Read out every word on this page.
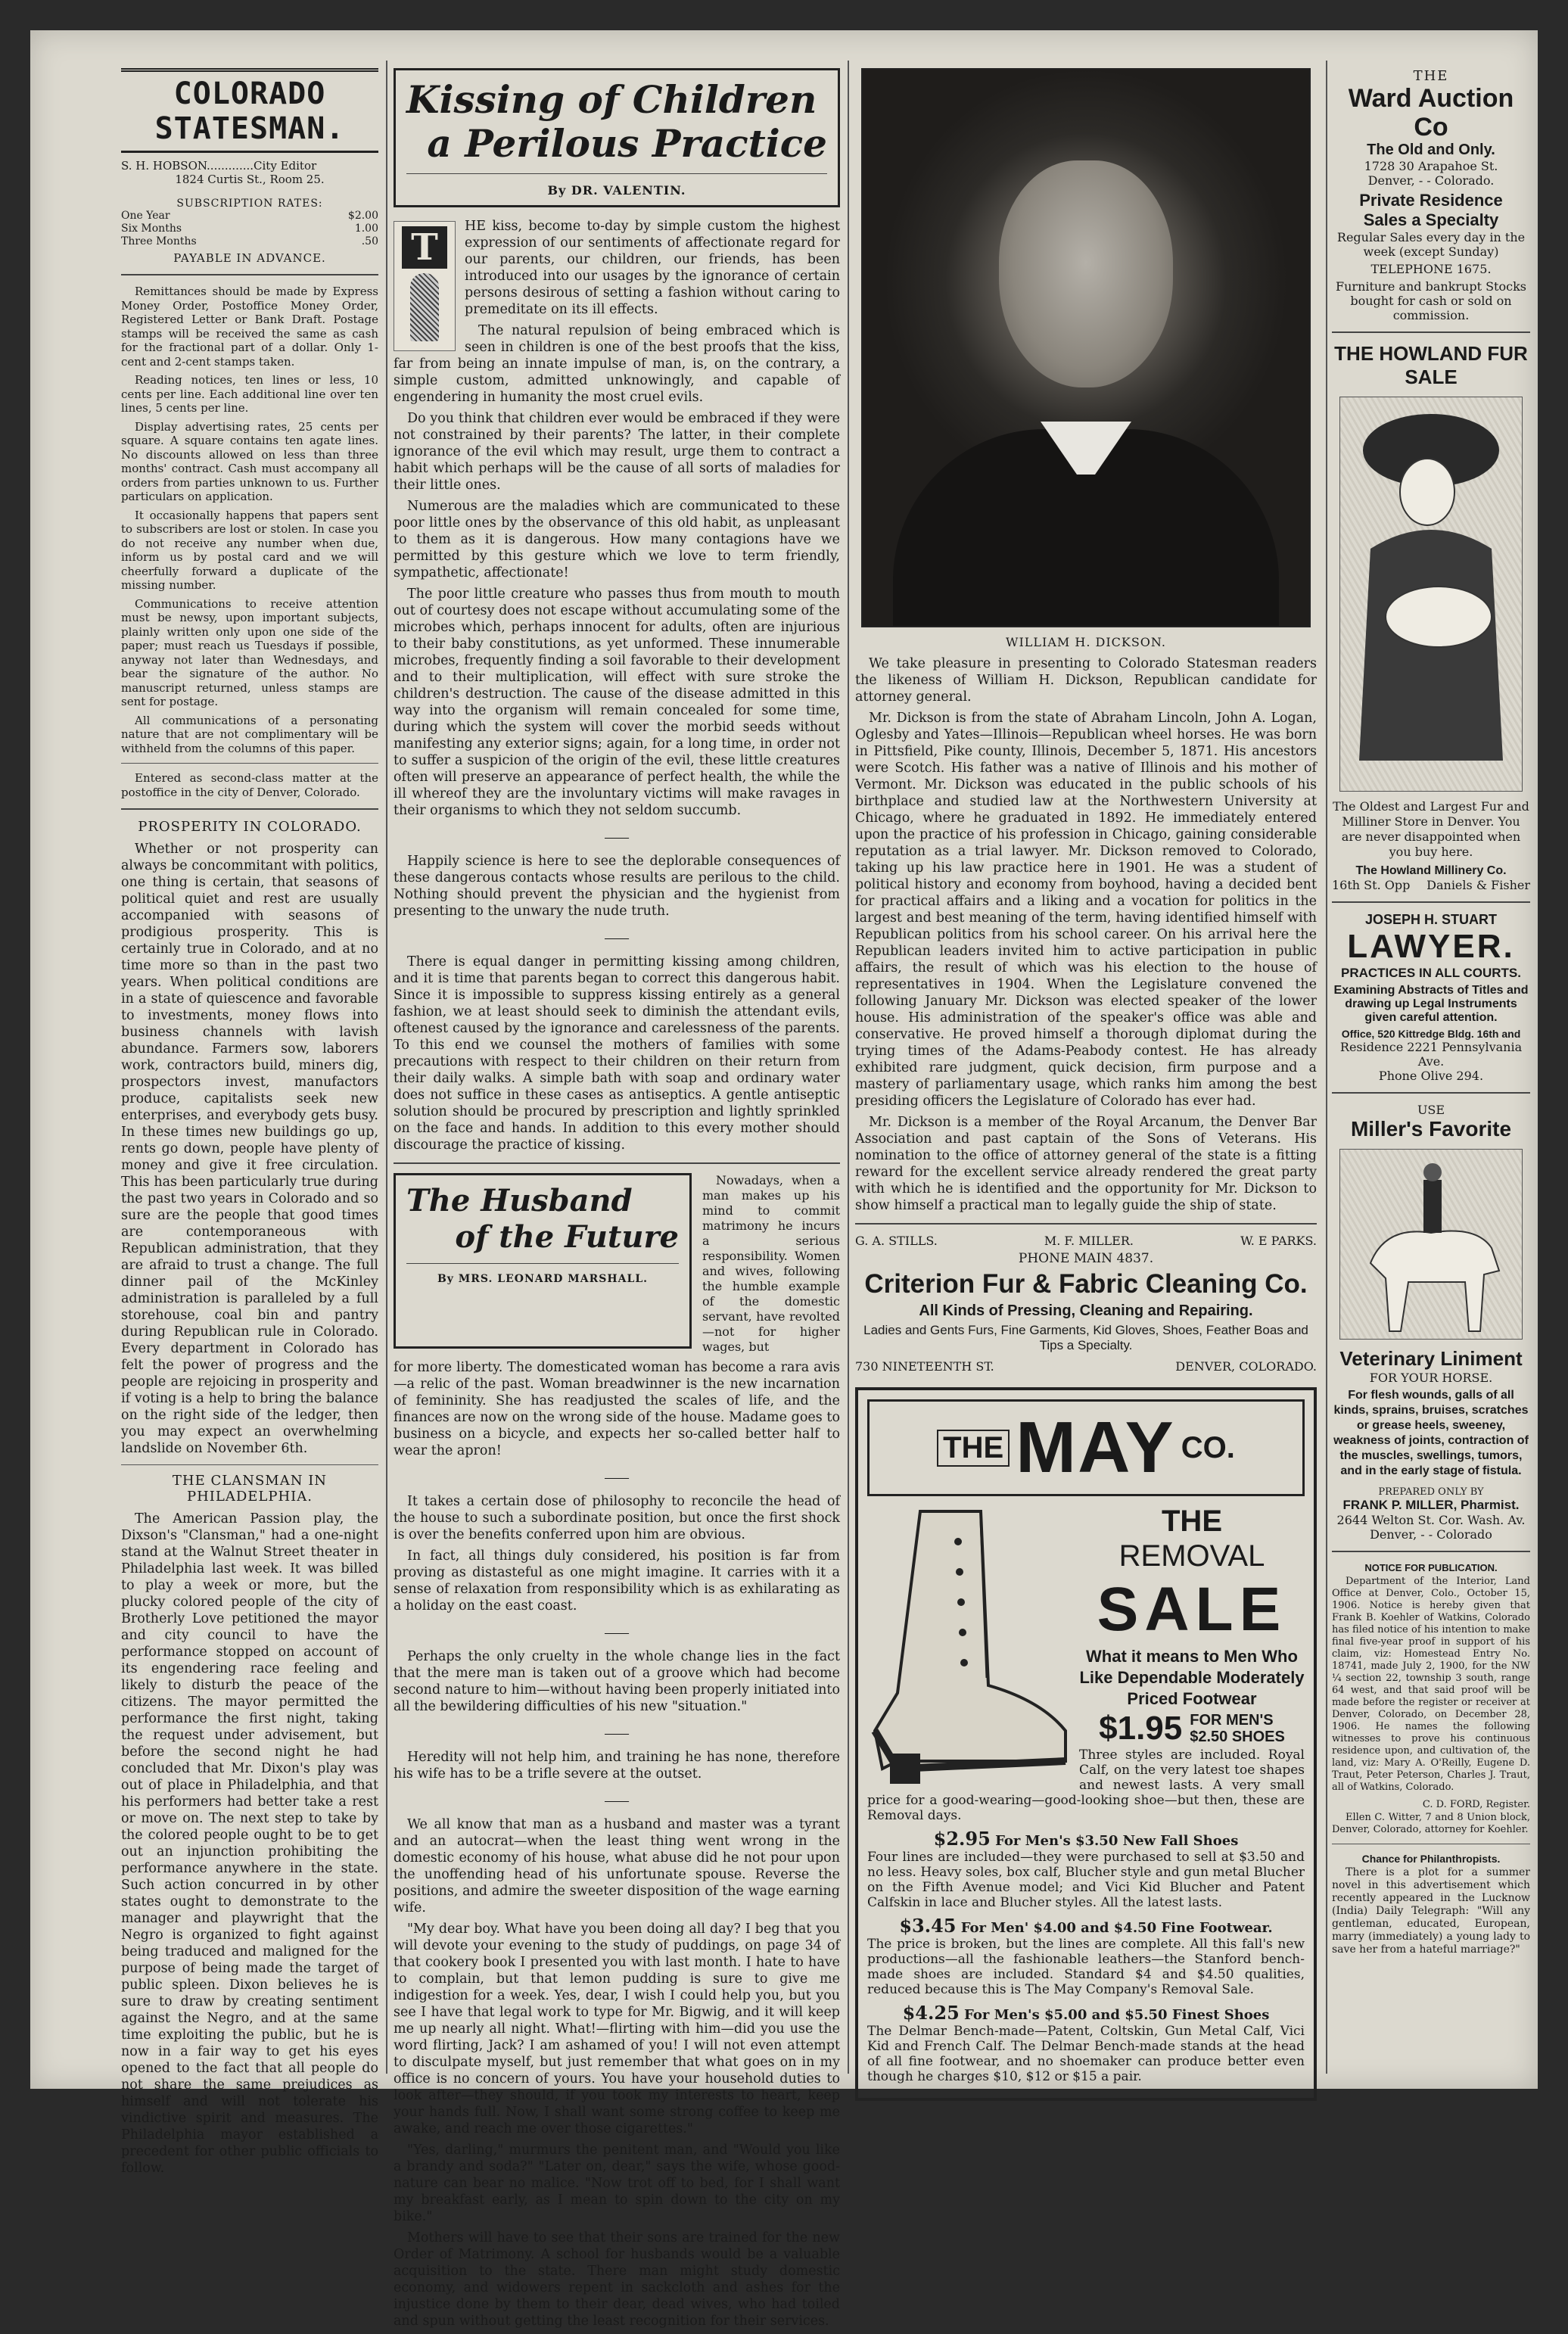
COLORADO STATESMAN.
S. H. HOBSON.............City Editor
1824 Curtis St., Room 25.
SUBSCRIPTION RATES:
One Year	$2.00
Six Months	1.00
Three Months	.50
PAYABLE IN ADVANCE.

Remittances should be made by Express Money Order, Postoffice Money Order, Registered Letter or Bank Draft. Postage stamps will be received the same as cash for the fractional part of a dollar. Only 1-cent and 2-cent stamps taken.

Reading notices, ten lines or less, 10 cents per line. Each additional line over ten lines, 5 cents per line.

Display advertising rates, 25 cents per square. A square contains ten agate lines. No discounts allowed on less than three months' contract. Cash must accompany all orders from parties unknown to us. Further particulars on application.

It occasionally happens that papers sent to subscribers are lost or stolen. In case you do not receive any number when due, inform us by postal card and we will cheerfully forward a duplicate of the missing number.

Communications to receive attention must be newsy, upon important subjects, plainly written only upon one side of the paper; must reach us Tuesdays if possible, anyway not later than Wednesdays, and bear the signature of the author. No manuscript returned, unless stamps are sent for postage.

All communications of a personating nature that are not complimentary will be withheld from the columns of this paper.

Entered as second-class matter at the postoffice in the city of Denver, Colorado.

PROSPERITY IN COLORADO.

Whether or not prosperity can always be concommitant with politics, one thing is certain, that seasons of political quiet and rest are usually accompanied with seasons of prodigious prosperity. This is certainly true in Colorado, and at no time more so than in the past two years. When political conditions are in a state of quiescence and favorable to investments, money flows into business channels with lavish abundance. Farmers sow, laborers work, contractors build, miners dig, prospectors invest, manufactors produce, capitalists seek new enterprises, and everybody gets busy. In these times new buildings go up, rents go down, people have plenty of money and give it free circulation. This has been particularly true during the past two years in Colorado and so sure are the people that good times are contemporaneous with Republican administration, that they are afraid to trust a change. The full dinner pail of the McKinley administration is paralleled by a full storehouse, coal bin and pantry during Republican rule in Colorado. Every department in Colorado has felt the power of progress and the people are rejoicing in prosperity and if voting is a help to bring the balance on the right side of the ledger, then you may expect an overwhelming landslide on November 6th.

THE CLANSMAN IN PHILADELPHIA.

The American Passion play, the Dixson's "Clansman," had a one-night stand at the Walnut Street theater in Philadelphia last week. It was billed to play a week or more, but the plucky colored people of the city of Brotherly Love petitioned the mayor and city council to have the performance stopped on account of its engendering race feeling and likely to disturb the peace of the citizens. The mayor permitted the performance the first night, taking the request under advisement, but before the second night he had concluded that Mr. Dixon's play was out of place in Philadelphia, and that his performers had better take a rest or move on. The next step to take by the colored people ought to be to get out an injunction prohibiting the performance anywhere in the state. Such action concurred in by other states ought to demonstrate to the manager and playwright that the Negro is organized to fight against being traduced and maligned for the purpose of being made the target of public spleen. Dixon believes he is sure to draw by creating sentiment against the Negro, and at the same time exploiting the public, but he is now in a fair way to get his eyes opened to the fact that all people do not share the same prejudices as himself and will not tolerate his vindictive spirit and measures. The Philadelphia mayor established a precedent for other public officials to follow.

Kissing of Children
a Perilous Practice
By DR. VALENTIN.
T	HE kiss, become to-day by simple custom the highest expression of our sentiments of affectionate regard for our parents, our children, our friends, has been introduced into our usages by the ignorance of certain persons desirous of setting a fashion without caring to premeditate on its ill effects.

The natural repulsion of being embraced which is seen in children is one of the best proofs that the kiss, far from being an innate impulse of man, is, on the contrary, a simple custom, admitted unknowingly, and capable of engendering in humanity the most cruel evils.

Do you think that children ever would be embraced if they were not constrained by their parents? The latter, in their complete ignorance of the evil which may result, urge them to contract a habit which perhaps will be the cause of all sorts of maladies for their little ones.

Numerous are the maladies which are communicated to these poor little ones by the observance of this old habit, as unpleasant to them as it is dangerous. How many contagions have we permitted by this gesture which we love to term friendly, sympathetic, affectionate!

The poor little creature who passes thus from mouth to mouth out of courtesy does not escape without accumulating some of the microbes which, perhaps innocent for adults, often are injurious to their baby constitutions, as yet unformed. These innumerable microbes, frequently finding a soil favorable to their development and to their multiplication, will effect with sure stroke the children's destruction. The cause of the disease admitted in this way into the organism will remain concealed for some time, during which the system will cover the morbid seeds without manifesting any exterior signs; again, for a long time, in order not to suffer a suspicion of the origin of the evil, these little creatures often will preserve an appearance of perfect health, the while the ill whereof they are the involuntary victims will make ravages in their organisms to which they not seldom succumb.

⸺

Happily science is here to see the deplorable consequences of these dangerous contacts whose results are perilous to the child. Nothing should prevent the physician and the hygienist from presenting to the unwary the nude truth.

⸺

There is equal danger in permitting kissing among children, and it is time that parents began to correct this dangerous habit. Since it is impossible to suppress kissing entirely as a general fashion, we at least should seek to diminish the attendant evils, oftenest caused by the ignorance and carelessness of the parents. To this end we counsel the mothers of families with some precautions with respect to their children on their return from their daily walks. A simple bath with soap and ordinary water does not suffice in these cases as antiseptics. A gentle antiseptic solution should be procured by prescription and lightly sprinkled on the face and hands. In addition to this every mother should discourage the practice of kissing.

The Husband
of the Future
By MRS. LEONARD MARSHALL.

Nowadays, when a man makes up his mind to commit matrimony he incurs a serious responsibility. Women and wives, following the humble example of the domestic servant, have revolted—not for higher wages, but

for more liberty. The domesticated woman has become a rara avis—a relic of the past. Woman breadwinner is the new incarnation of femininity. She has readjusted the scales of life, and the finances are now on the wrong side of the house. Madame goes to business on a bicycle, and expects her so-called better half to wear the apron!

⸺

It takes a certain dose of philosophy to reconcile the head of the house to such a subordinate position, but once the first shock is over the benefits conferred upon him are obvious.

In fact, all things duly considered, his position is far from proving as distasteful as one might imagine. It carries with it a sense of relaxation from responsibility which is as exhilarating as a holiday on the east coast.

⸺

Perhaps the only cruelty in the whole change lies in the fact that the mere man is taken out of a groove which had become second nature to him—without having been properly initiated into all the bewildering difficulties of his new "situation."

⸺

Heredity will not help him, and training he has none, therefore his wife has to be a trifle severe at the outset.

⸺

We all know that man as a husband and master was a tyrant and an autocrat—when the least thing went wrong in the domestic economy of his house, what abuse did he not pour upon the unoffending head of his unfortunate spouse. Reverse the positions, and admire the sweeter disposition of the wage earning wife.

"My dear boy. What have you been doing all day? I beg that you will devote your evening to the study of puddings, on page 34 of that cookery book I presented you with last month. I hate to have to complain, but that lemon pudding is sure to give me indigestion for a week. Yes, dear, I wish I could help you, but you see I have that legal work to type for Mr. Bigwig, and it will keep me up nearly all night. What!—flirting with him—did you use the word flirting, Jack? I am ashamed of you! I will not even attempt to disculpate myself, but just remember that what goes on in my office is no concern of yours. You have your household duties to look after—they should, if you took my interests to heart, keep your hands full. Now, I shall want some strong coffee to keep me awake, and reach me over those cigarettes."

"Yes, darling," murmurs the penitent man, and "Would you like a brandy and soda?" "Later on, dear," says the wife, whose good-nature can bear no malice. "Now trot off to bed, for I shall want my breakfast early, as I mean to spin down to the city on my bike."

Mothers will have to see that their sons are trained for the new Order of Matrimony. A school for husbands would be a valuable acquisition to the state. There man might study domestic economy, and widowers repent in sackcloth and ashes for the injustice done by them to their dear, dead wives, who had toiled and spun without getting the least recognition for their services.

WILLIAM H. DICKSON.

We take pleasure in presenting to Colorado Statesman readers the likeness of William H. Dickson, Republican candidate for attorney general.

Mr. Dickson is from the state of Abraham Lincoln, John A. Logan, Oglesby and Yates—Illinois—Republican wheel horses. He was born in Pittsfield, Pike county, Illinois, December 5, 1871. His ancestors were Scotch. His father was a native of Illinois and his mother of Vermont. Mr. Dickson was educated in the public schools of his birthplace and studied law at the Northwestern University at Chicago, where he graduated in 1892. He immediately entered upon the practice of his profession in Chicago, gaining considerable reputation as a trial lawyer. Mr. Dickson removed to Colorado, taking up his law practice here in 1901. He was a student of political history and economy from boyhood, having a decided bent for practical affairs and a liking and a vocation for politics in the largest and best meaning of the term, having identified himself with Republican politics from his school career. On his arrival here the Republican leaders invited him to active participation in public affairs, the result of which was his election to the house of representatives in 1904. When the Legislature convened the following January Mr. Dickson was elected speaker of the lower house. His administration of the speaker's office was able and conservative. He proved himself a thorough diplomat during the trying times of the Adams-Peabody contest. He has already exhibited rare judgment, quick decision, firm purpose and a mastery of parliamentary usage, which ranks him among the best presiding officers the Legislature of Colorado has ever had.

Mr. Dickson is a member of the Royal Arcanum, the Denver Bar Association and past captain of the Sons of Veterans. His nomination to the office of attorney general of the state is a fitting reward for the excellent service already rendered the great party with which he is identified and the opportunity for Mr. Dickson to show himself a practical man to legally guide the ship of state.

G. A. STILLS.	M. F. MILLER.	W. E PARKS.
PHONE MAIN 4837.
Criterion Fur & Fabric Cleaning Co.
All Kinds of Pressing, Cleaning and Repairing.
Ladies and Gents Furs, Fine Garments, Kid Gloves, Shoes, Feather Boas and Tips a Specialty.
730 NINETEENTH ST.	DENVER, COLORADO.
THE MAY CO.
THE
REMOVAL
SALE
What it means to Men Who Like Dependable Moderately Priced Footwear
$1.95 FOR MEN'S
$2.50 SHOES

Three styles are included. Royal Calf, on the very latest toe shapes and newest lasts. A very small price for a good-wearing—good-looking shoe—but then, these are Removal days.

$2.95 For Men's $3.50 New Fall Shoes

Four lines are included—they were purchased to sell at $3.50 and no less. Heavy soles, box calf, Blucher style and gun metal Blucher on the Fifth Avenue model; and Vici Kid Blucher and Patent Calfskin in lace and Blucher styles. All the latest lasts.

$3.45 For Men' $4.00 and $4.50 Fine Footwear.

The price is broken, but the lines are complete. All this fall's new productions—all the fashionable leathers—the Stanford bench-made shoes are included. Standard $4 and $4.50 qualities, reduced because this is The May Company's Removal Sale.

$4.25 For Men's $5.00 and $5.50 Finest Shoes

The Delmar Bench-made—Patent, Coltskin, Gun Metal Calf, Vici Kid and French Calf. The Delmar Bench-made stands at the head of all fine footwear, and no shoemaker can produce better even though he charges $10, $12 or $15 a pair.

THE
Ward Auction Co
The Old and Only.
1728 30 Arapahoe St.
Denver, - - Colorado.
Private Residence
Sales a Specialty
Regular Sales every day in the week (except Sunday)
TELEPHONE 1675.
Furniture and bankrupt Stocks bought for cash or sold on commission.
THE HOWLAND FUR SALE
The Oldest and Largest Fur and Milliner Store in Denver. You are never disappointed when you buy here.
The Howland Millinery Co.
16th St. Opp Daniels & Fisher
JOSEPH H. STUART
LAWYER.
PRACTICES IN ALL COURTS.
Examining Abstracts of Titles and drawing up Legal Instruments given careful attention.
Office, 520 Kittredge Bldg. 16th and
Residence 2221 Pennsylvania Ave.
Phone Olive 294.
USE
Miller's Favorite
Veterinary Liniment
FOR YOUR HORSE.
For flesh wounds, galls of all kinds, sprains, bruises, scratches or grease heels, sweeney, weakness of joints, contraction of the muscles, swellings, tumors, and in the early stage of fistula.
PREPARED ONLY BY
FRANK P. MILLER, Pharmist.
2644 Welton St. Cor. Wash. Av.
Denver, - - Colorado
NOTICE FOR PUBLICATION.

Department of the Interior, Land Office at Denver, Colo., October 15, 1906. Notice is hereby given that Frank B. Koehler of Watkins, Colorado has filed notice of his intention to make final five-year proof in support of his claim, viz: Homestead Entry No. 18741, made July 2, 1900, for the NW ¼ section 22, township 3 south, range 64 west, and that said proof will be made before the register or receiver at Denver, Colorado, on December 28, 1906. He names the following witnesses to prove his continuous residence upon, and cultivation of, the land, viz: Mary A. O'Reilly, Eugene D. Traut, Peter Peterson, Charles J. Traut, all of Watkins, Colorado.

C. D. FORD, Register.

Ellen C. Witter, 7 and 8 Union block, Denver, Colorado, attorney for Koehler.

Chance for Philanthropists.

There is a plot for a summer novel in this advertisement which recently appeared in the Lucknow (India) Daily Telegraph: "Will any gentleman, educated, European, marry (immediately) a young lady to save her from a hateful marriage?"
